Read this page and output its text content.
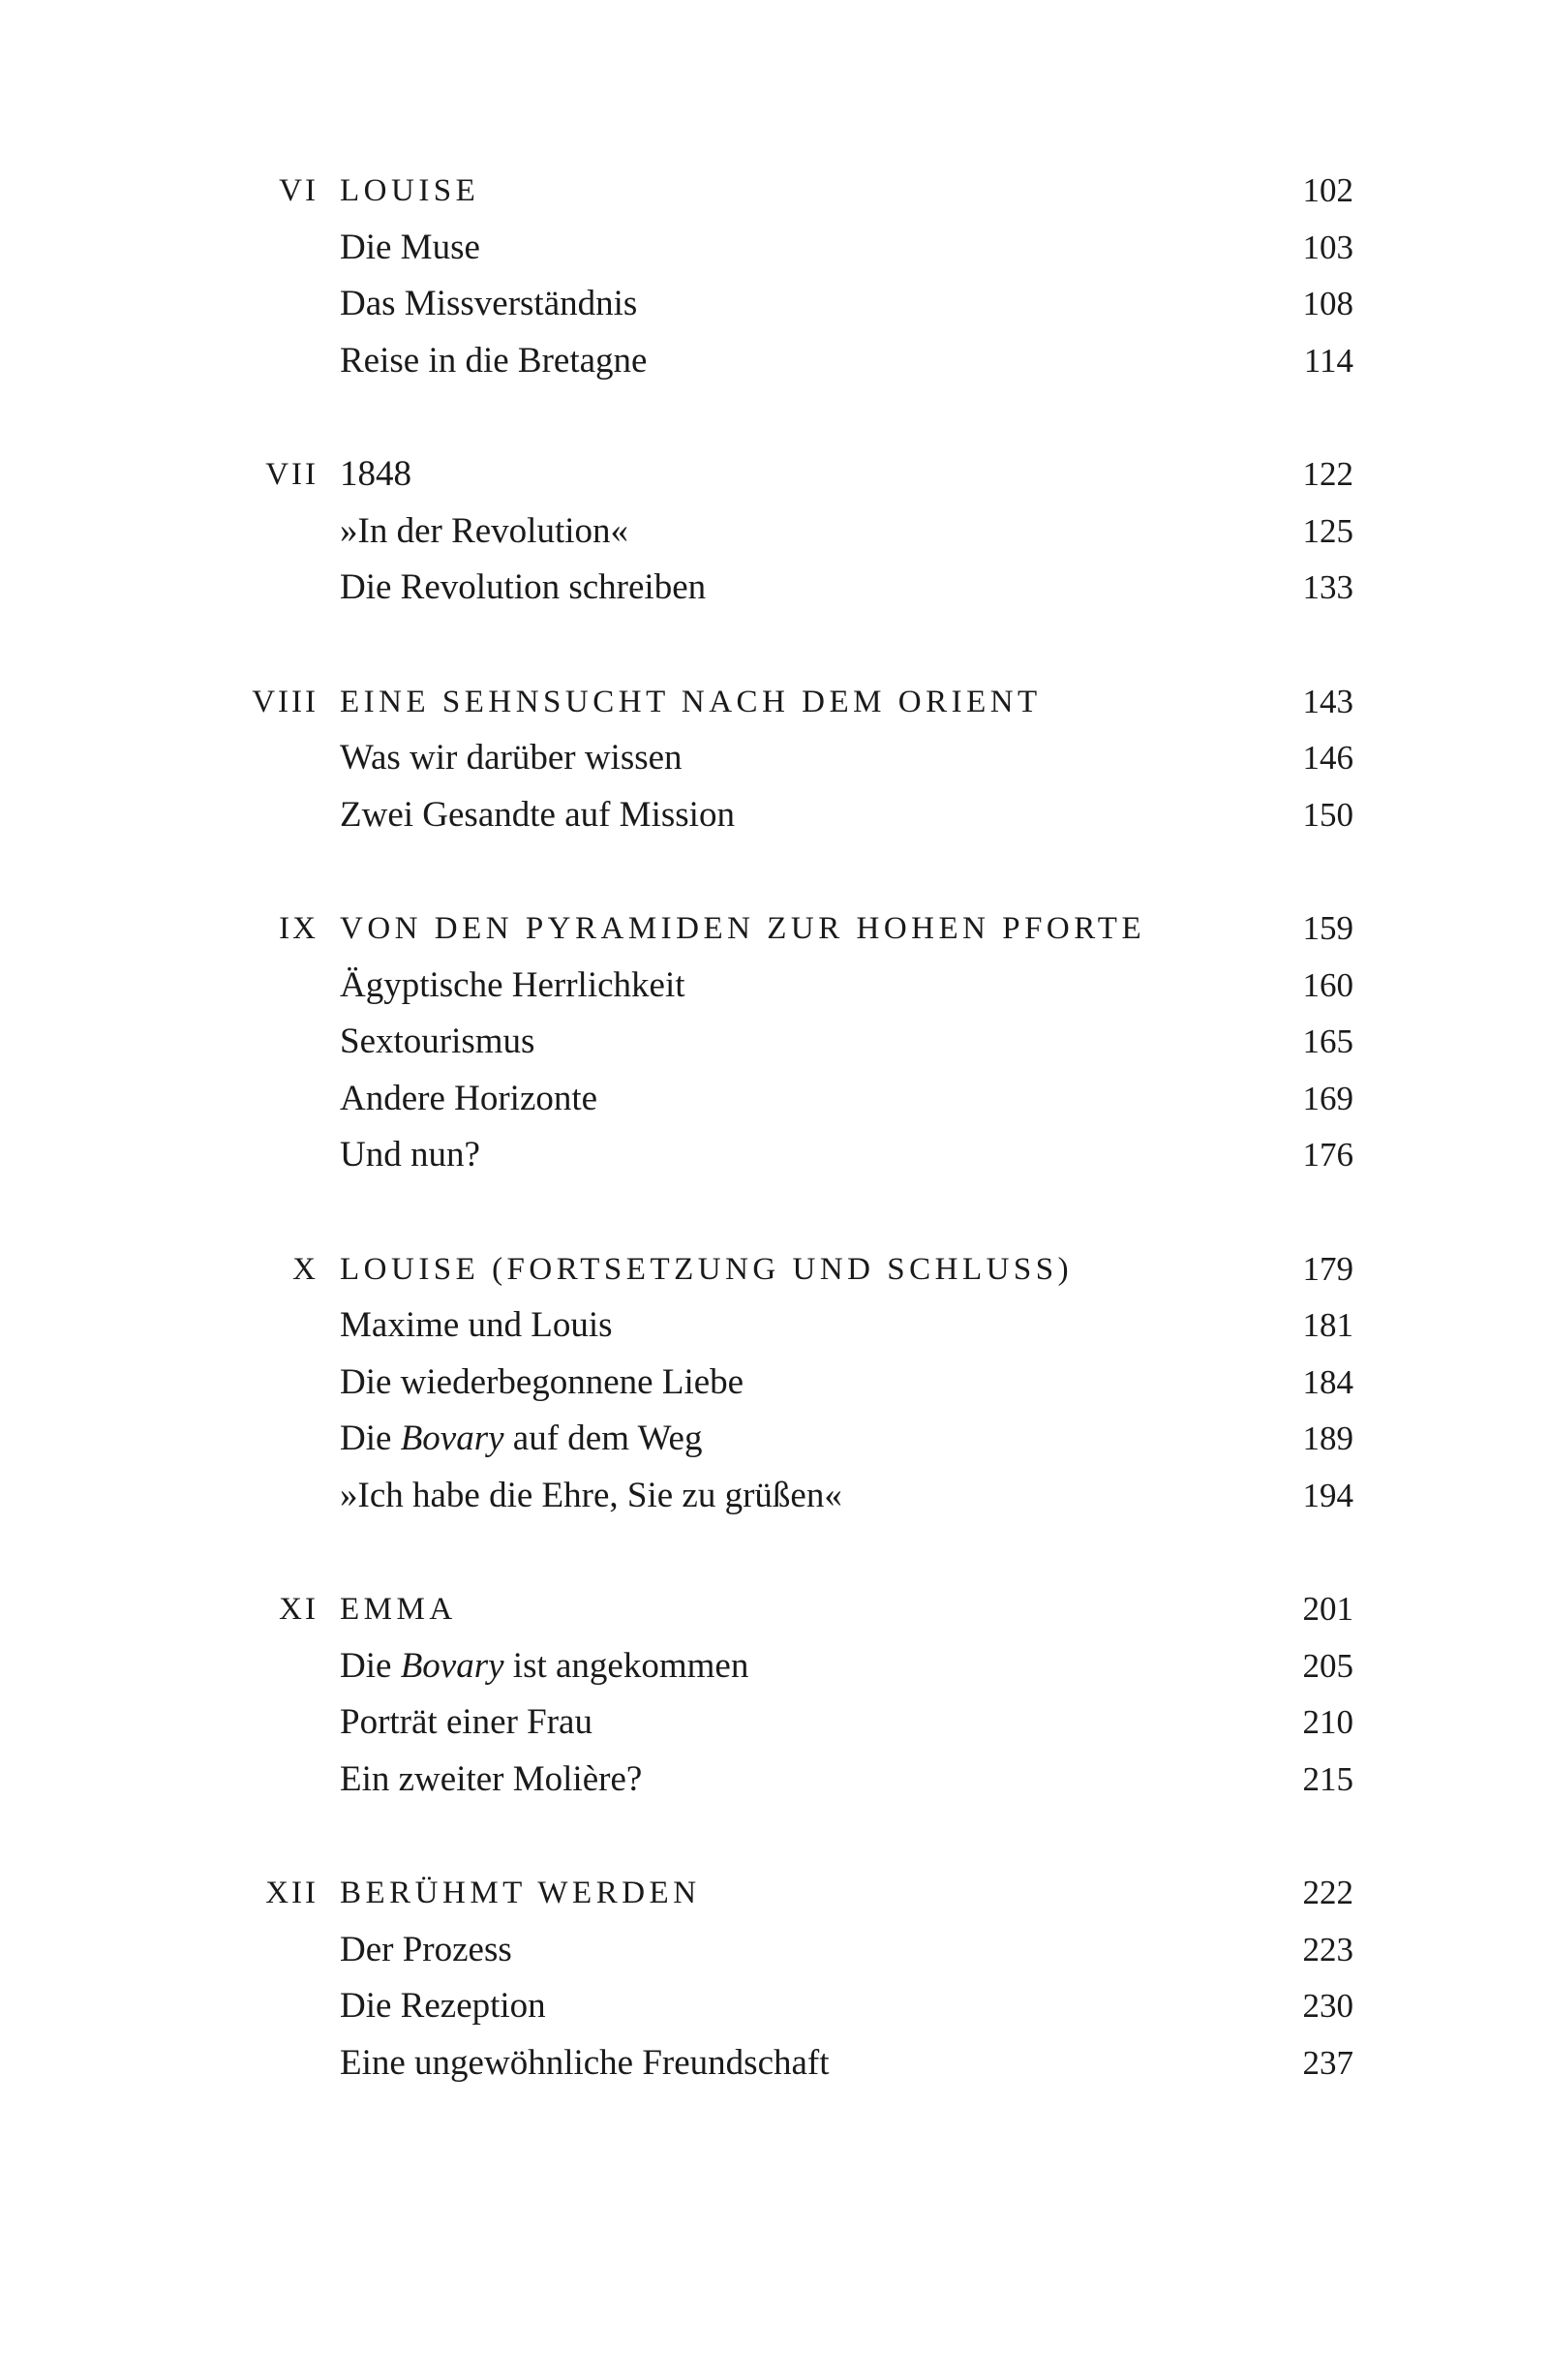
VI LOUISE	102
Die Muse	103
Das Missverständnis	108
Reise in die Bretagne	114
VII 1848	122
»In der Revolution«	125
Die Revolution schreiben	133
VIII EINE SEHNSUCHT NACH DEM ORIENT	143
Was wir darüber wissen	146
Zwei Gesandte auf Mission	150
IX VON DEN PYRAMIDEN ZUR HOHEN PFORTE	159
Ägyptische Herrlichkeit	160
Sextourismus	165
Andere Horizonte	169
Und nun?	176
X LOUISE (FORTSETZUNG UND SCHLUSS)	179
Maxime und Louis	181
Die wiederbegonnene Liebe	184
Die Bovary auf dem Weg	189
»Ich habe die Ehre, Sie zu grüßen«	194
XI EMMA	201
Die Bovary ist angekommen	205
Porträt einer Frau	210
Ein zweiter Molière?	215
XII BERÜHMT WERDEN	222
Der Prozess	223
Die Rezeption	230
Eine ungewöhnliche Freundschaft	237
